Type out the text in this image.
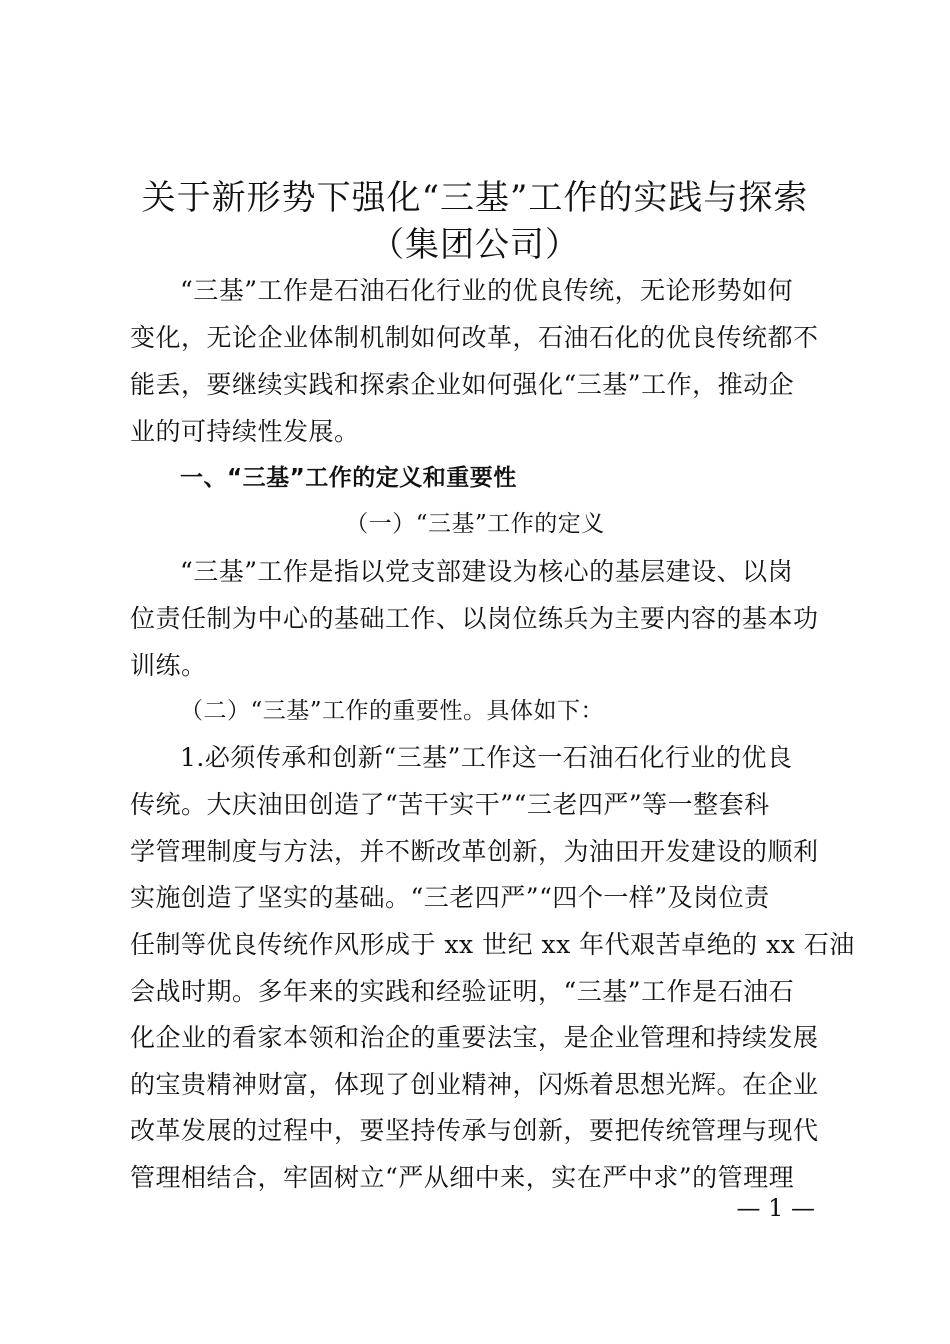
关于新形势下强化“三基”工作的实践与探索
（集团公司）
“三基”工作是石油石化行业的优良传统，无论形势如何
变化，无论企业体制机制如何改革，石油石化的优良传统都不
能丢，要继续实践和探索企业如何强化“三基”工作，推动企
业的可持续性发展。
一、“三基”工作的定义和重要性
（一）“三基”工作的定义
“三基”工作是指以党支部建设为核心的基层建设、以岗
位责任制为中心的基础工作、以岗位练兵为主要内容的基本功
训练。
（二）“三基”工作的重要性。具体如下：
1.必须传承和创新“三基”工作这一石油石化行业的优良
传统。大庆油田创造了“苦干实干”“三老四严”等一整套科
学管理制度与方法，并不断改革创新，为油田开发建设的顺利
实施创造了坚实的基础。“三老四严”“四个一样”及岗位责
任制等优良传统作风形成于 xx 世纪 xx 年代艰苦卓绝的 xx 石油
会战时期。多年来的实践和经验证明，“三基”工作是石油石
化企业的看家本领和治企的重要法宝，是企业管理和持续发展
的宝贵精神财富，体现了创业精神，闪烁着思想光辉。在企业
改革发展的过程中，要坚持传承与创新，要把传统管理与现代
管理相结合，牢固树立“严从细中来，实在严中求”的管理理
— 1 —
